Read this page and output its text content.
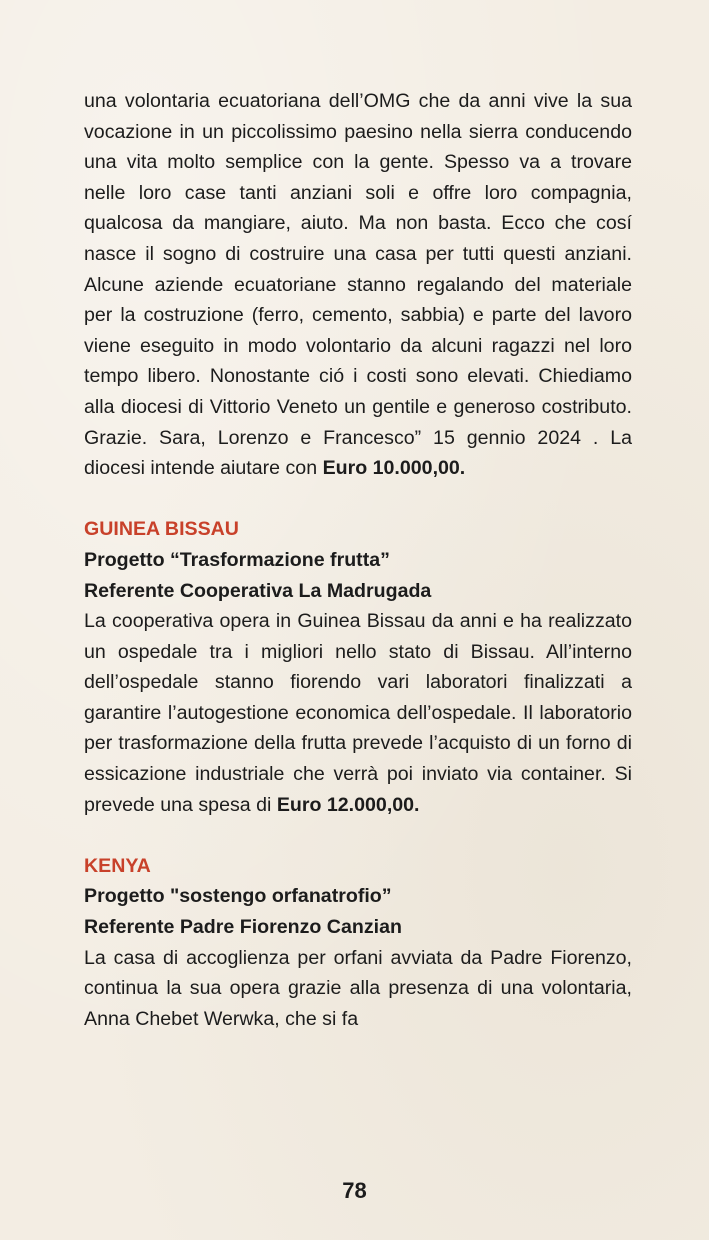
una volontaria ecuatoriana dell’OMG che da anni vive la sua vocazione in un piccolissimo paesino nella sierra conducendo una vita molto semplice con la gente. Spesso va a trovare nelle loro case tanti anziani soli e offre loro compagnia, qualcosa da mangiare, aiuto. Ma non basta. Ecco che cosí nasce il sogno di costruire una casa per tutti questi anziani. Alcune aziende ecuatoriane stanno regalando del materiale per la costruzione (ferro, cemento, sabbia) e parte del lavoro viene eseguito in modo volontario da alcuni ragazzi nel loro tempo libero. Nonostante ció i costi sono elevati. Chiediamo alla diocesi di Vittorio Veneto un gentile e generoso costributo. Grazie. Sara, Lorenzo e Francesco” 15 gennio 2024 . La diocesi intende aiutare con Euro 10.000,00.

GUINEA BISSAU

Progetto “Trasformazione frutta”

Referente Cooperativa La Madrugada

La cooperativa opera in Guinea Bissau da anni e ha realizzato un ospedale tra i migliori nello stato di Bissau. All’interno dell’ospedale stanno fiorendo vari laboratori finalizzati a garantire l’autogestione economica dell’ospedale. Il laboratorio per trasformazione della frutta prevede l’acquisto di un forno di essicazione industriale che verrà poi inviato via container. Si prevede una spesa di Euro 12.000,00.

KENYA

Progetto "sostengo orfanatrofio”

Referente Padre Fiorenzo Canzian

La casa di accoglienza per orfani avviata da Padre Fiorenzo, continua la sua opera grazie alla presenza di una volontaria, Anna Chebet Werwka, che si fa

78
